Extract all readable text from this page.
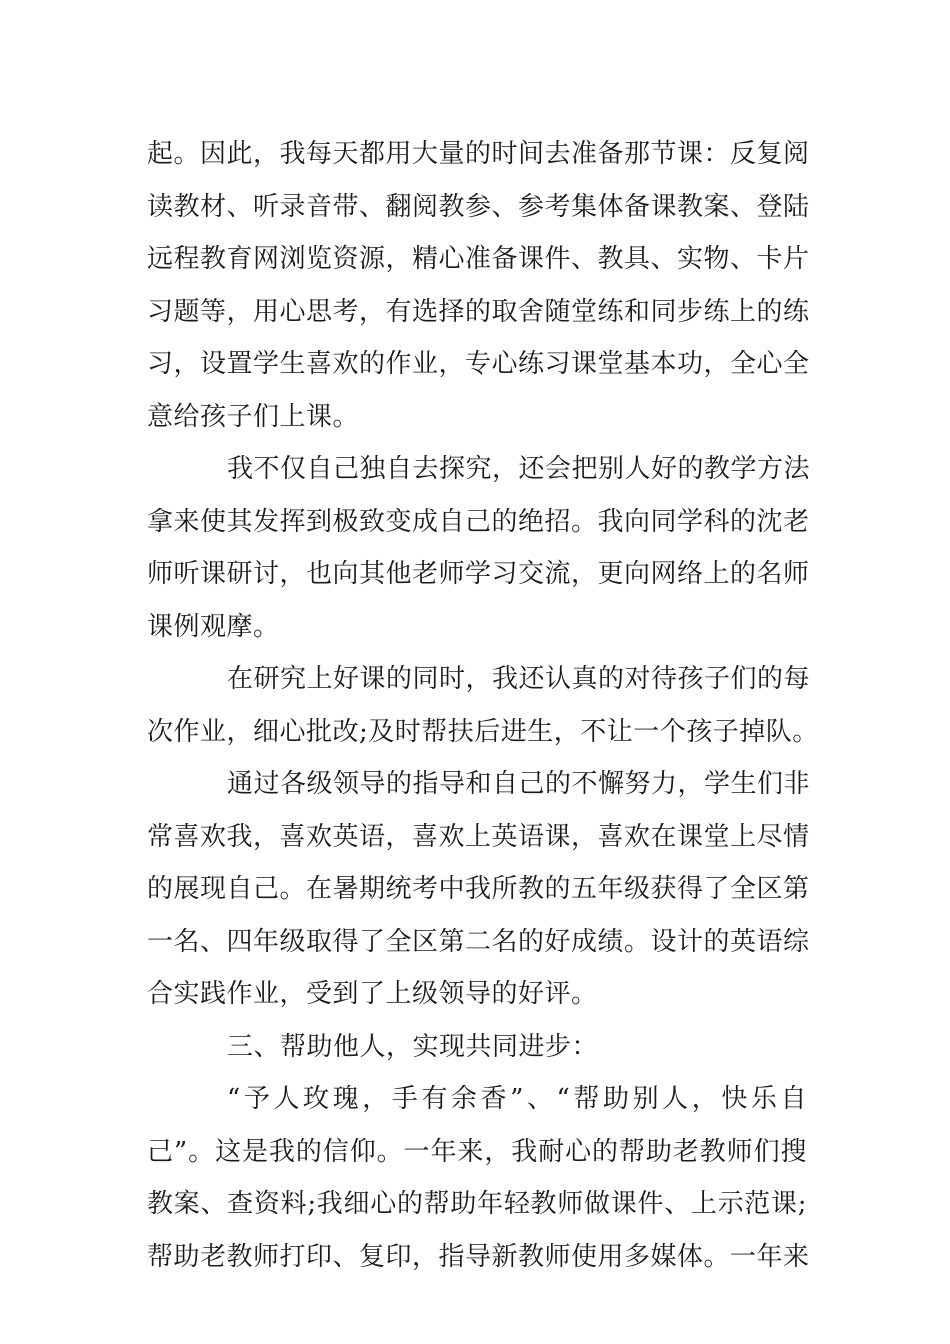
起。因此，我每天都用大量的时间去准备那节课：反复阅
读教材、听录音带、翻阅教参、参考集体备课教案、登陆
远程教育网浏览资源，精心准备课件、教具、实物、卡片
习题等，用心思考，有选择的取舍随堂练和同步练上的练
习，设置学生喜欢的作业，专心练习课堂基本功，全心全
意给孩子们上课。
我不仅自己独自去探究，还会把别人好的教学方法
拿来使其发挥到极致变成自己的绝招。我向同学科的沈老
师听课研讨，也向其他老师学习交流，更向网络上的名师
课例观摩。
在研究上好课的同时，我还认真的对待孩子们的每
次作业，细心批改;及时帮扶后进生，不让一个孩子掉队。
通过各级领导的指导和自己的不懈努力，学生们非
常喜欢我，喜欢英语，喜欢上英语课，喜欢在课堂上尽情
的展现自己。在暑期统考中我所教的五年级获得了全区第
一名、四年级取得了全区第二名的好成绩。设计的英语综
合实践作业，受到了上级领导的好评。
三、帮助他人，实现共同进步：
“予人玫瑰，手有余香”、“帮助别人，快乐自
己”。这是我的信仰。一年来，我耐心的帮助老教师们搜
教案、查资料;我细心的帮助年轻教师做课件、上示范课;
帮助老教师打印、复印，指导新教师使用多媒体。一年来
